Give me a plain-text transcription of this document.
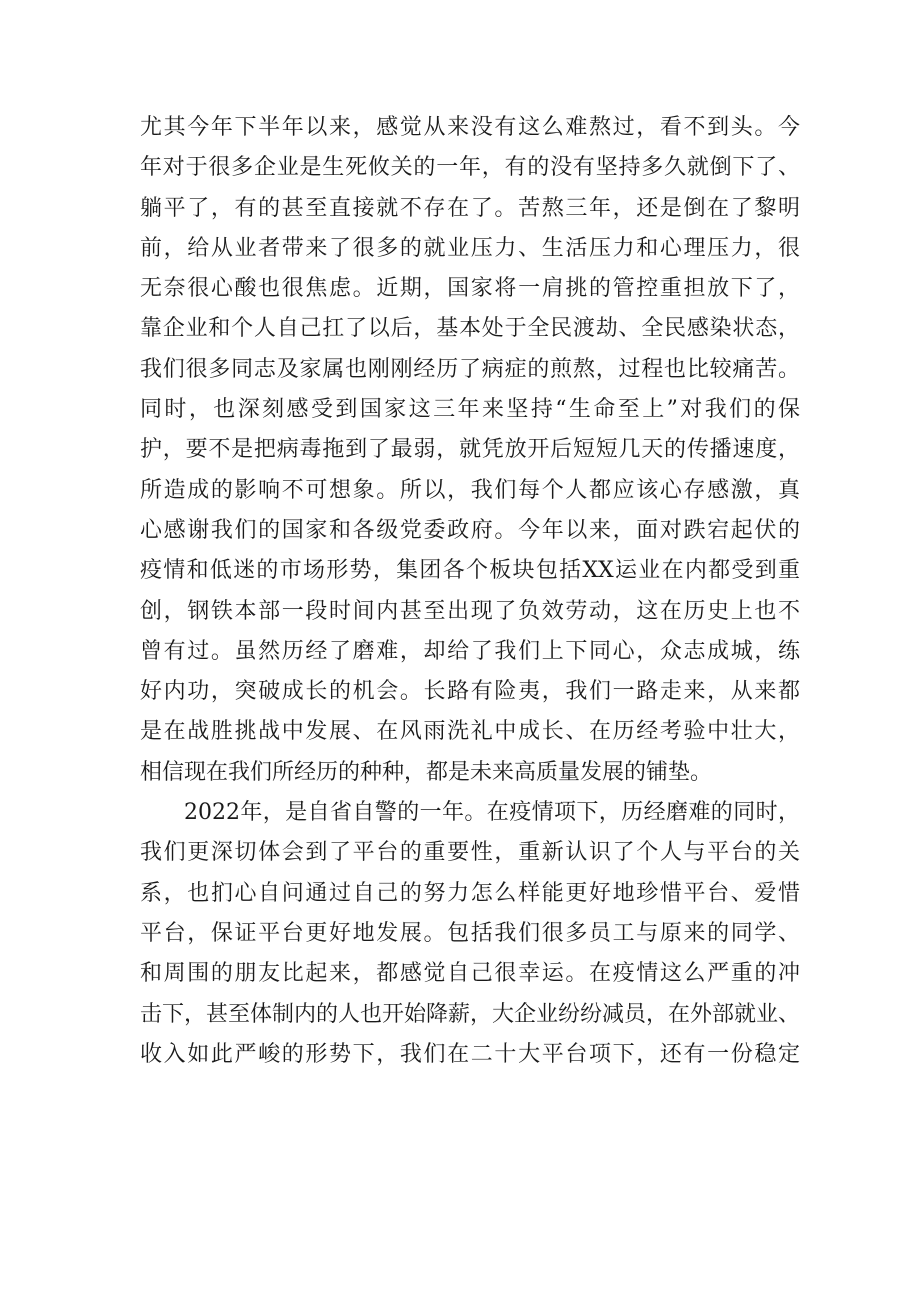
尤其今年下半年以来，感觉从来没有这么难熬过，看不到头。今
年对于很多企业是生死攸关的一年，有的没有坚持多久就倒下了、
躺平了，有的甚至直接就不存在了。苦熬三年，还是倒在了黎明
前，给从业者带来了很多的就业压力、生活压力和心理压力，很
无奈很心酸也很焦虑。近期，国家将一肩挑的管控重担放下了，
靠企业和个人自己扛了以后，基本处于全民渡劫、全民感染状态，
我们很多同志及家属也刚刚经历了病症的煎熬，过程也比较痛苦。
同时，也深刻感受到国家这三年来坚持“生命至上”对我们的保
护，要不是把病毒拖到了最弱，就凭放开后短短几天的传播速度，
所造成的影响不可想象。所以，我们每个人都应该心存感激，真
心感谢我们的国家和各级党委政府。今年以来，面对跌宕起伏的
疫情和低迷的市场形势，集团各个板块包括XX运业在内都受到重
创，钢铁本部一段时间内甚至出现了负效劳动，这在历史上也不
曾有过。虽然历经了磨难，却给了我们上下同心，众志成城，练
好内功，突破成长的机会。长路有险夷，我们一路走来，从来都
是在战胜挑战中发展、在风雨洗礼中成长、在历经考验中壮大，
相信现在我们所经历的种种，都是未来高质量发展的铺垫。
2022年，是自省自警的一年。在疫情项下，历经磨难的同时，
我们更深切体会到了平台的重要性，重新认识了个人与平台的关
系，也扪心自问通过自己的努力怎么样能更好地珍惜平台、爱惜
平台，保证平台更好地发展。包括我们很多员工与原来的同学、
和周围的朋友比起来，都感觉自己很幸运。在疫情这么严重的冲
击下，甚至体制内的人也开始降薪，大企业纷纷减员，在外部就业、
收入如此严峻的形势下，我们在二十大平台项下，还有一份稳定
